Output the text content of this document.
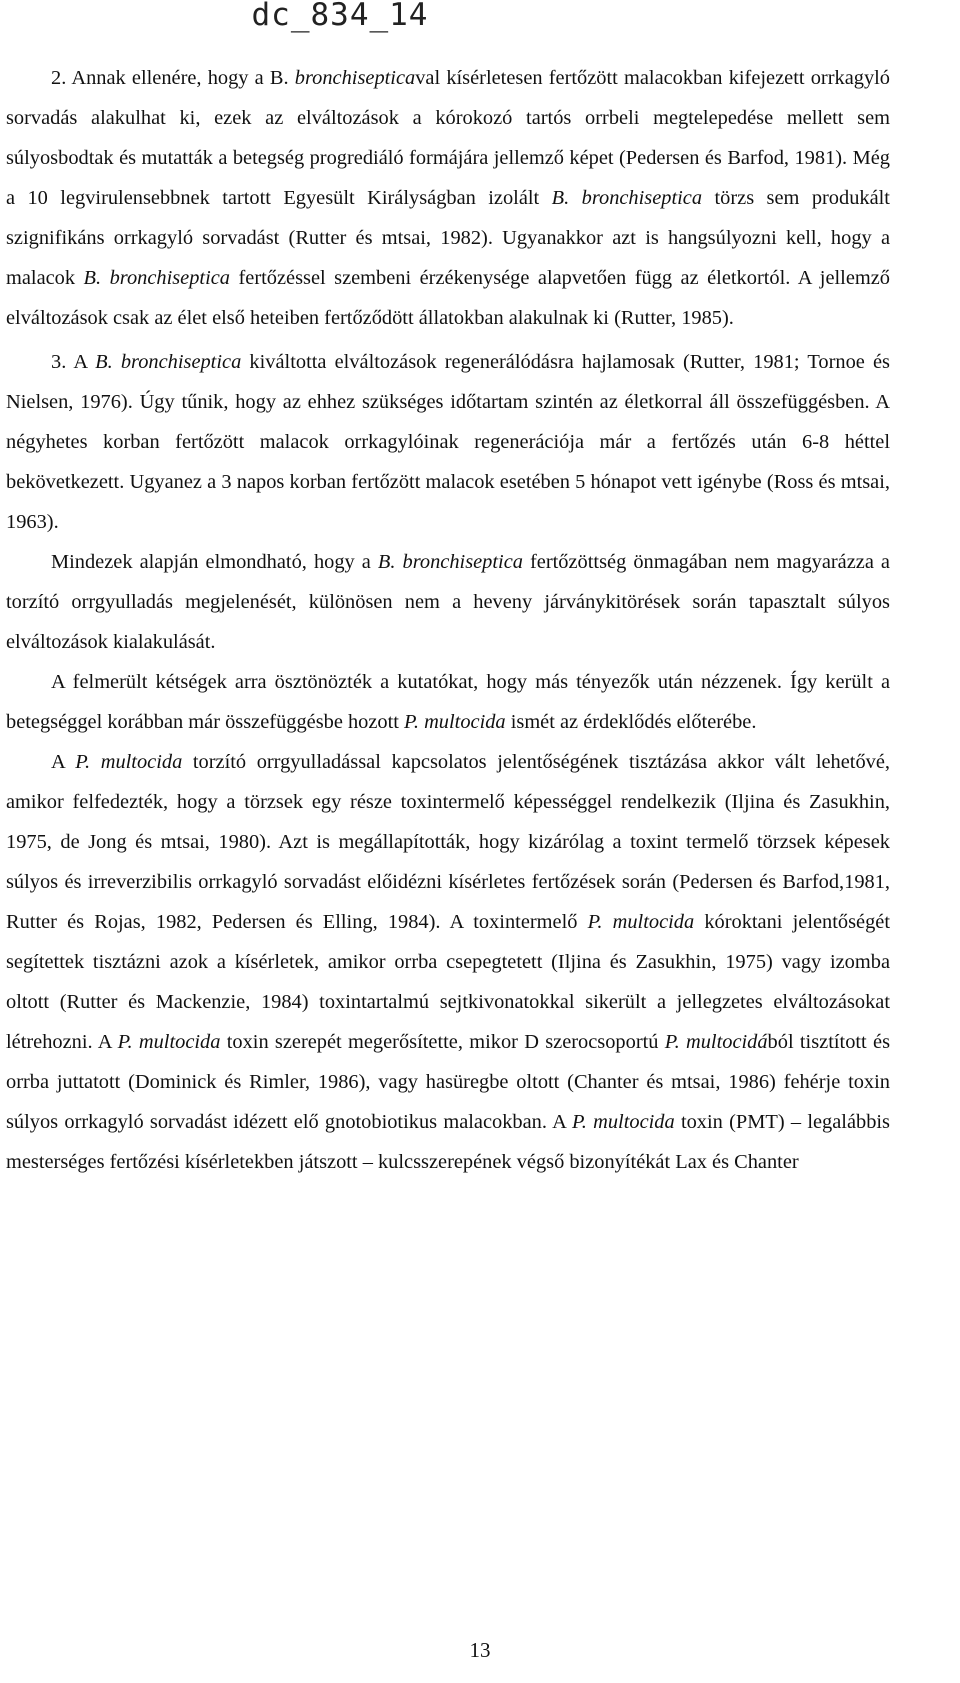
dc_834_14

2. Annak ellenére, hogy a B. bronchisepticaval kísérletesen fertőzött malacokban kifejezett orrkagyló sorvadás alakulhat ki, ezek az elváltozások a kórokozó tartós orrbeli megtelepedése mellett sem súlyosbodtak és mutatták a betegség progrediáló formájára jellemző képet (Pedersen és Barfod, 1981). Még a 10 legvirulensebbnek tartott Egyesült Királyságban izolált B. bronchiseptica törzs sem produkált szignifikáns orrkagyló sorvadást (Rutter és mtsai, 1982). Ugyanakkor azt is hangsúlyozni kell, hogy a malacok B. bronchiseptica fertőzéssel szembeni érzékenysége alapvetően függ az életkortól. A jellemző elváltozások csak az élet első heteiben fertőződött állatokban alakulnak ki (Rutter, 1985).

3. A B. bronchiseptica kiváltotta elváltozások regenerálódásra hajlamosak (Rutter, 1981; Tornoe és Nielsen, 1976). Úgy tűnik, hogy az ehhez szükséges időtartam szintén az életkorral áll összefüggésben. A négyhetes korban fertőzött malacok orrkagylóinak regenerációja már a fertőzés után 6-8 héttel bekövetkezett. Ugyanez a 3 napos korban fertőzött malacok esetében 5 hónapot vett igénybe (Ross és mtsai, 1963).

Mindezek alapján elmondható, hogy a B. bronchiseptica fertőzöttség önmagában nem magyarázza a torzító orrgyulladás megjelenését, különösen nem a heveny járványkitörések során tapasztalt súlyos elváltozások kialakulását.

A felmerült kétségek arra ösztönözték a kutatókat, hogy más tényezők után nézzenek. Így került a betegséggel korábban már összefüggésbe hozott P. multocida ismét az érdeklődés előterébe.

A P. multocida torzító orrgyulladással kapcsolatos jelentőségének tisztázása akkor vált lehetővé, amikor felfedezték, hogy a törzsek egy része toxintermelő képességgel rendelkezik (Iljina és Zasukhin, 1975, de Jong és mtsai, 1980). Azt is megállapították, hogy kizárólag a toxint termelő törzsek képesek súlyos és irreverzibilis orrkagyló sorvadást előidézni kísérletes fertőzések során (Pedersen és Barfod,1981, Rutter és Rojas, 1982, Pedersen és Elling, 1984). A toxintermelő P. multocida kóroktani jelentőségét segítettek tisztázni azok a kísérletek, amikor orrba csepegtetett (Iljina és Zasukhin, 1975) vagy izomba oltott (Rutter és Mackenzie, 1984) toxintartalmú sejtkivonatokkal sikerült a jellegzetes elváltozásokat létrehozni. A P. multocida toxin szerepét megerősítette, mikor D szerocsoportú P. multocidából tisztított és orrba juttatott (Dominick és Rimler, 1986), vagy hasüregbe oltott (Chanter és mtsai, 1986) fehérje toxin súlyos orrkagyló sorvadást idézett elő gnotobiotikus malacokban. A P. multocida toxin (PMT) – legalábbis mesterséges fertőzési kísérletekben játszott – kulcsszerepének végső bizonyítékát Lax és Chanter

13
